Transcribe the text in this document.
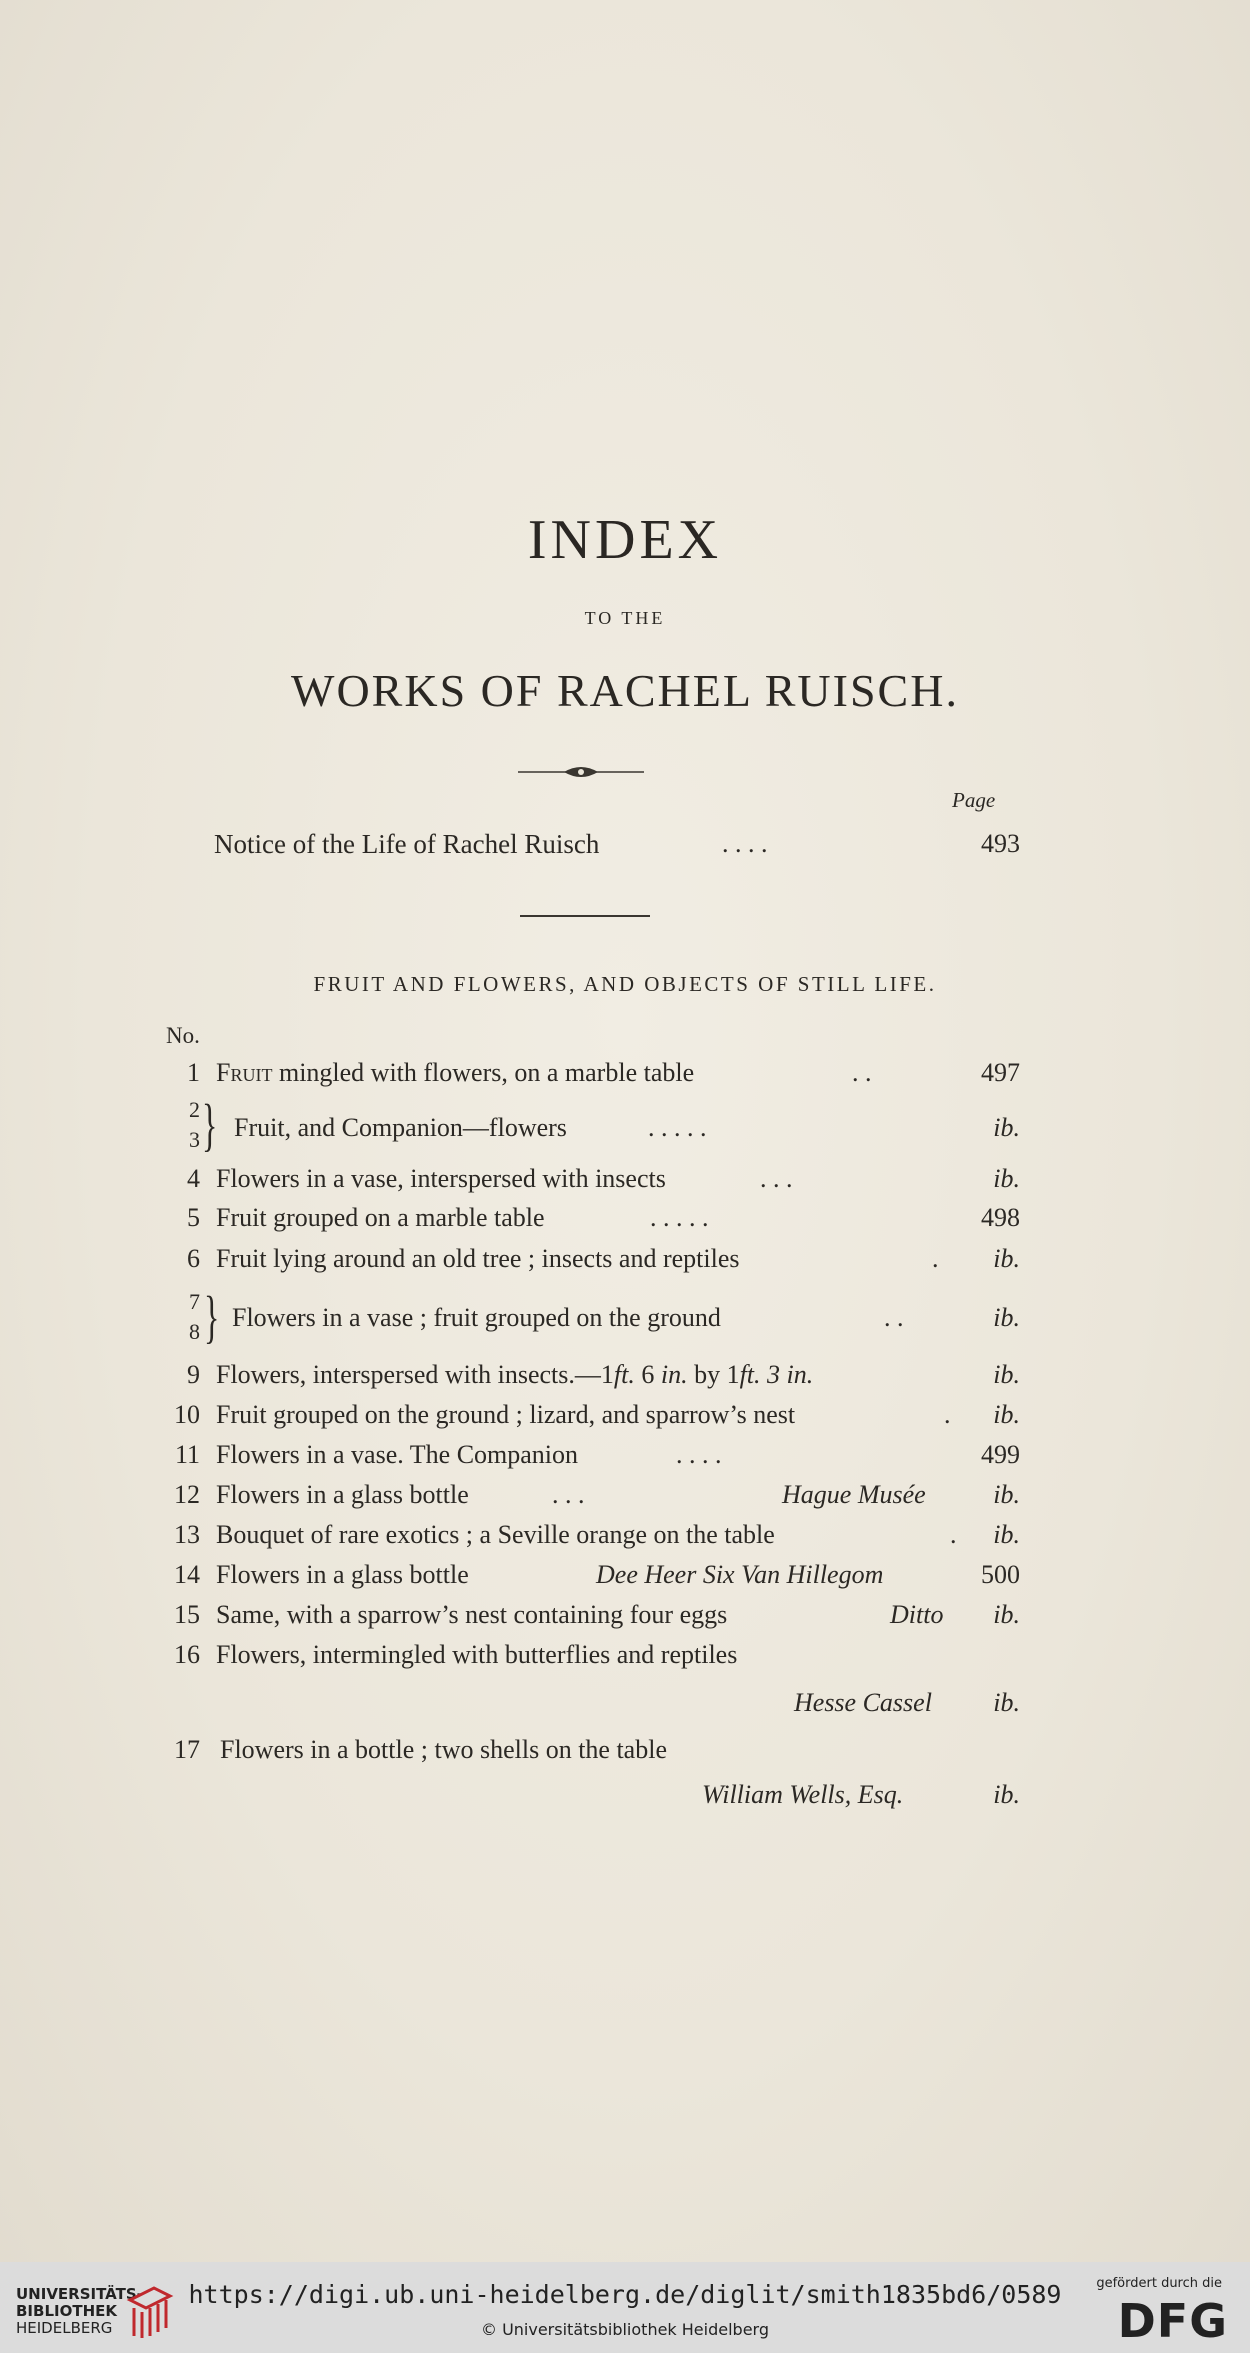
INDEX
TO THE
WORKS OF RACHEL RUISCH.
Page
Notice of the Life of Rachel Ruisch	. . . .	493
FRUIT AND FLOWERS, AND OBJECTS OF STILL LIFE.
No.
1 Fruit mingled with flowers, on a marble table	. .	497
2
3 } Fruit, and Companion—flowers	. . . . .	ib.
4 Flowers in a vase, interspersed with insects	. . .	ib.
5 Fruit grouped on a marble table	. . . . .	498
6 Fruit lying around an old tree ; insects and reptiles	.	ib.
7
8 } Flowers in a vase ; fruit grouped on the ground	. .	ib.
9 Flowers, interspersed with insects.—1ft. 6 in. by 1ft. 3 in.	ib.
10 Fruit grouped on the ground ; lizard, and sparrow’s nest	.	ib.
11 Flowers in a vase. The Companion	. . . .	499
12 Flowers in a glass bottle	. . .	Hague Musée	ib.
13 Bouquet of rare exotics ; a Seville orange on the table	.	ib.
14 Flowers in a glass bottle	Dee Heer Six Van Hillegom	500
15 Same, with a sparrow’s nest containing four eggs	Ditto	ib.
16 Flowers, intermingled with butterflies and reptiles
Hesse Cassel	ib.
17 Flowers in a bottle ; two shells on the table
William Wells, Esq.	ib.
UNIVERSITÄTS-
BIBLIOTHEK
HEIDELBERG
https://digi.ub.uni-heidelberg.de/diglit/smith1835bd6/0589
© Universitätsbibliothek Heidelberg
gefördert durch die
DFG
